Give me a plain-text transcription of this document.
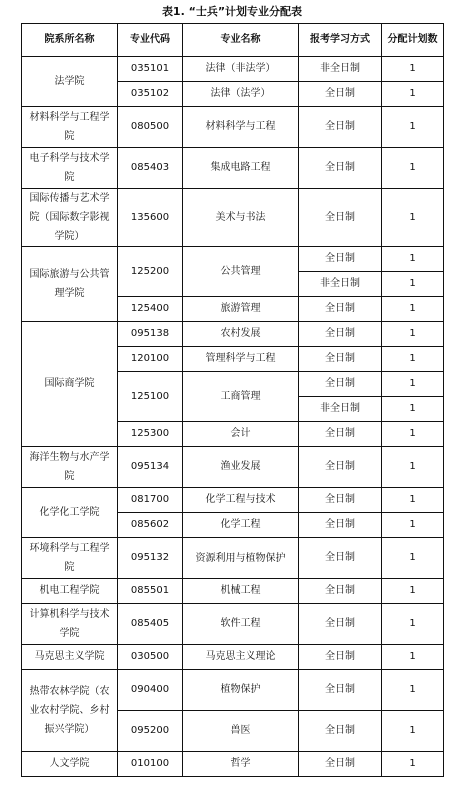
表1. “士兵”计划专业分配表
院系所名称	专业代码	专业名称	报考学习方式	分配计划数
法学院	035101	法律（非法学）	非全日制	1
	035102	法律（法学）	全日制	1
材料科学与工程学院	080500	材料科学与工程	全日制	1
电子科学与技术学院	085403	集成电路工程	全日制	1
国际传播与艺术学院（国际数字影视学院）	135600	美术与书法	全日制	1
国际旅游与公共管理学院	125200	公共管理	全日制	1
			非全日制	1
	125400	旅游管理	全日制	1
国际商学院	095138	农村发展	全日制	1
	120100	管理科学与工程	全日制	1
	125100	工商管理	全日制	1
			非全日制	1
	125300	会计	全日制	1
海洋生物与水产学院	095134	渔业发展	全日制	1
化学化工学院	081700	化学工程与技术	全日制	1
	085602	化学工程	全日制	1
环境科学与工程学院	095132	资源利用与植物保护	全日制	1
机电工程学院	085501	机械工程	全日制	1
计算机科学与技术学院	085405	软件工程	全日制	1
马克思主义学院	030500	马克思主义理论	全日制	1
热带农林学院（农业农村学院、乡村振兴学院）	090400	植物保护	全日制	1
	095200	兽医	全日制	1
人文学院	010100	哲学	全日制	1
